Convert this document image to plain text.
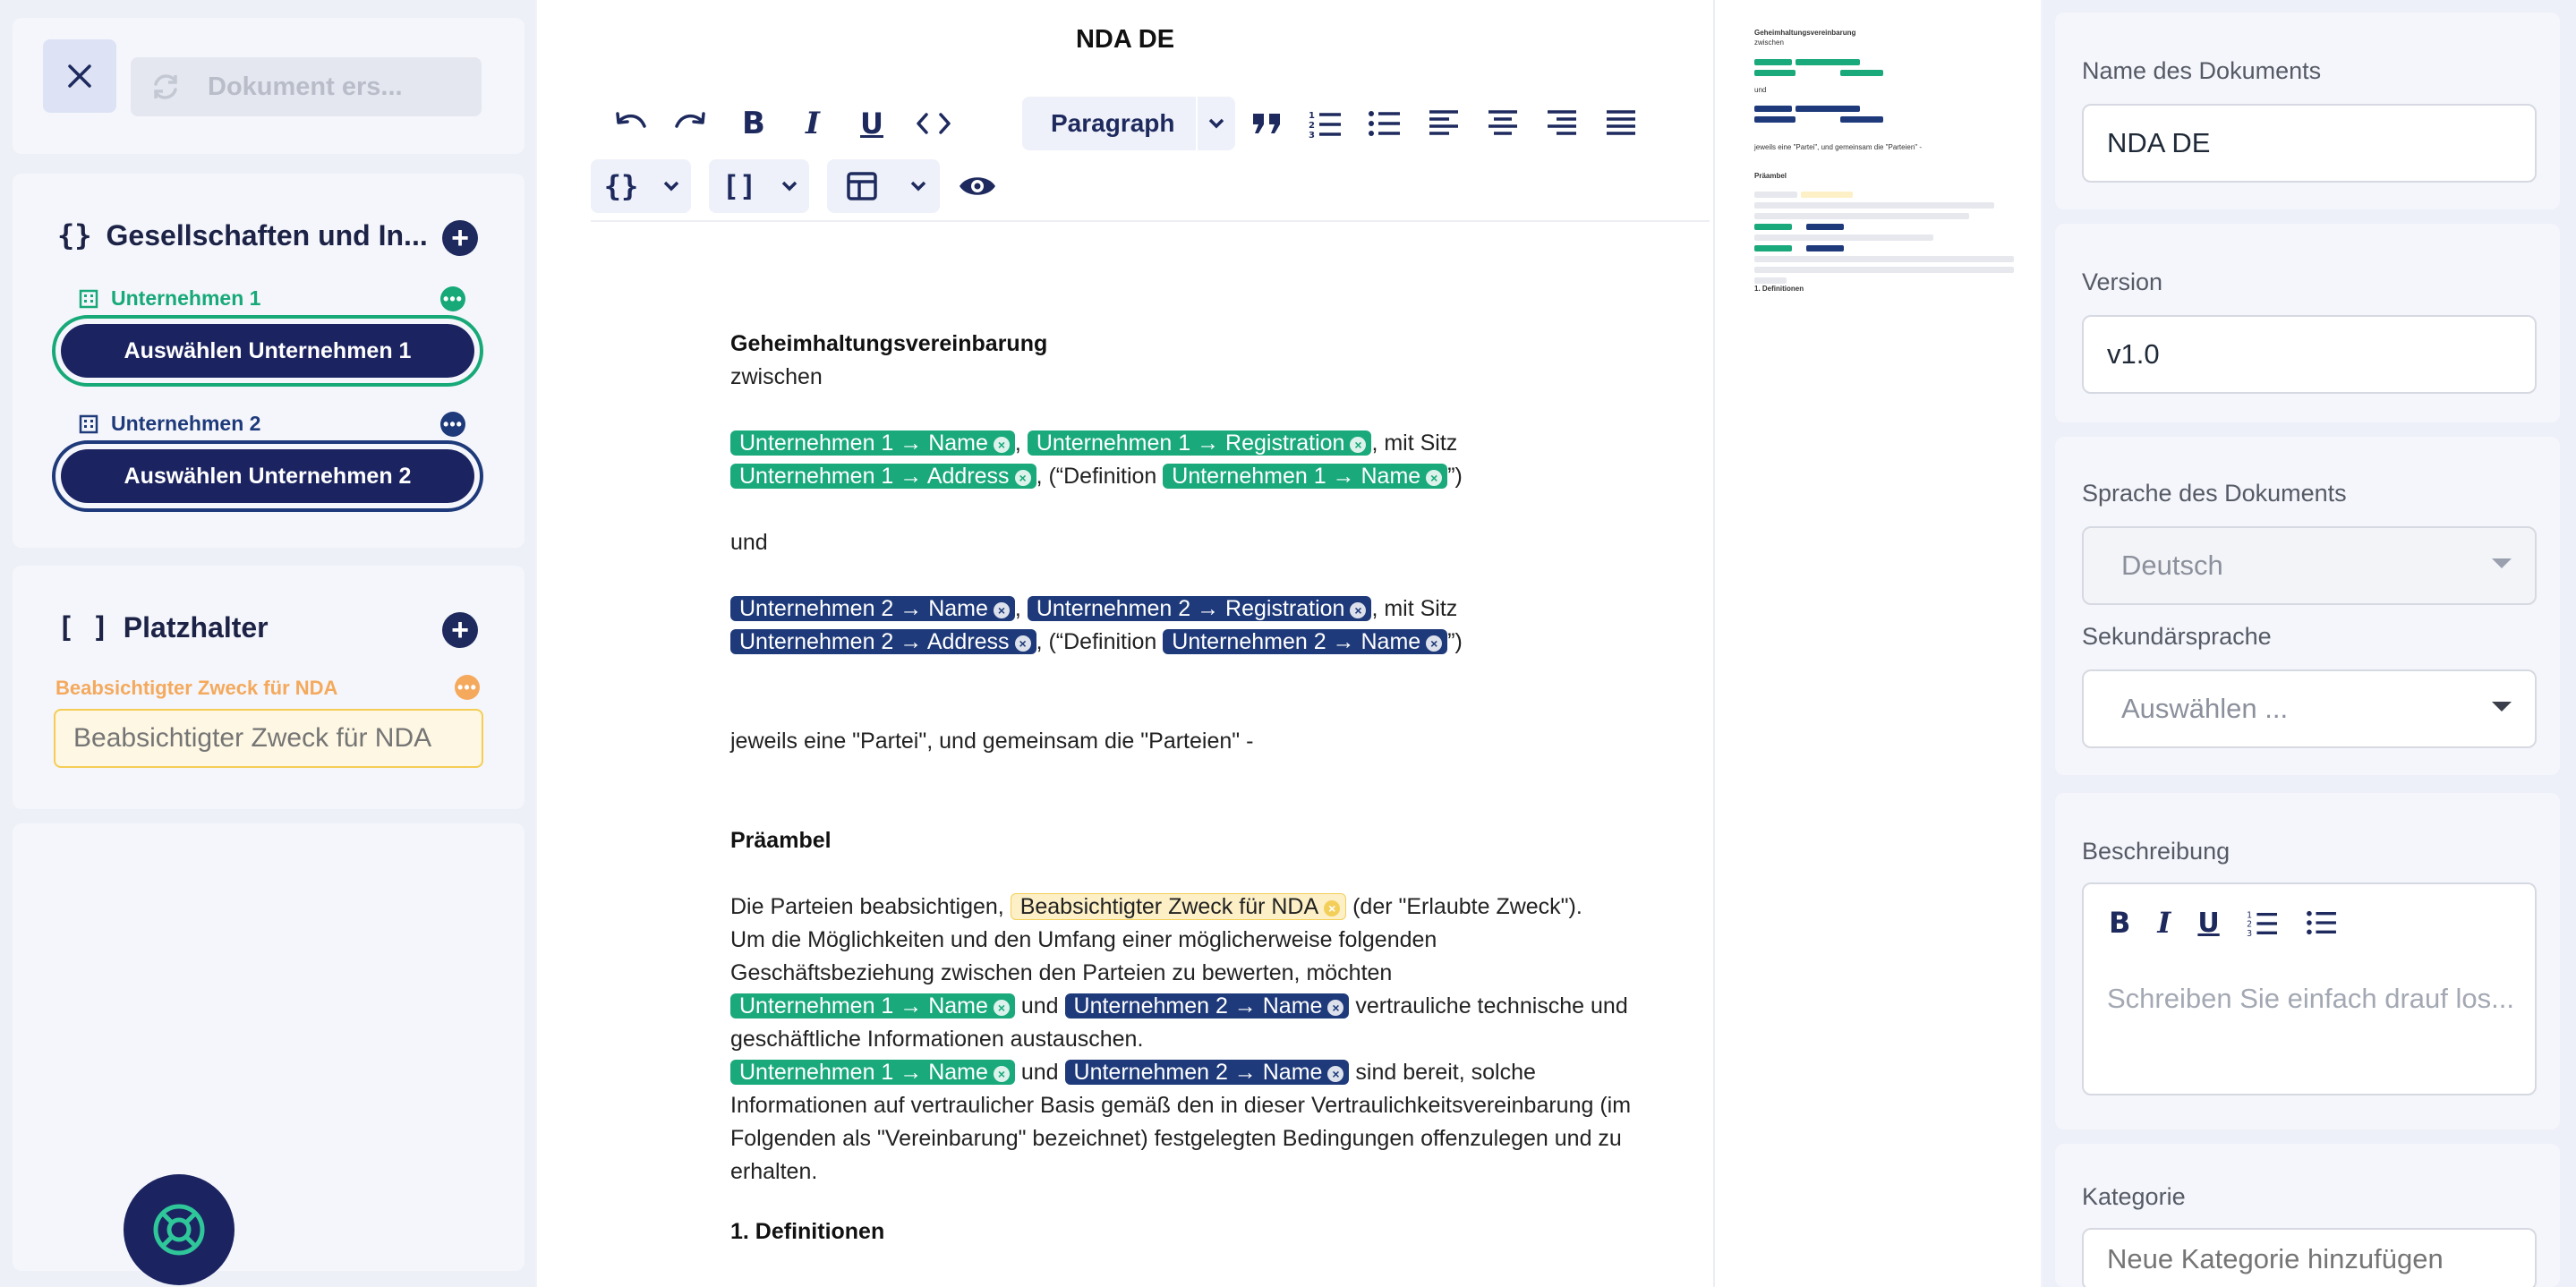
Dokument ers...
{} Gesellschaften und In... +
Unternehmen 1	•••
Auswählen Unternehmen 1
Unternehmen 2	•••
Auswählen Unternehmen 2
[ ] Platzhalter	+
Beabsichtigter Zweck für NDA	•••
Beabsichtigter Zweck für NDA
NDA DE
B I U	Paragraph	1
2
3
{}	[]
Geheimhaltungsvereinbarung
zwischen
Unternehmen 1 → Name × , Unternehmen 1 → Registration × , mit Sitz
Unternehmen 1 → Address × , (“Definition Unternehmen 1 → Name × ”)
und
Unternehmen 2 → Name × , Unternehmen 2 → Registration × , mit Sitz
Unternehmen 2 → Address × , (“Definition Unternehmen 2 → Name × ”)
jeweils eine "Partei", und gemeinsam die "Parteien" -
Präambel
Die Parteien beabsichtigen, Beabsichtigter Zweck für NDA × (der "Erlaubte Zweck").
Um die Möglichkeiten und den Umfang einer möglicherweise folgenden
Geschäftsbeziehung zwischen den Parteien zu bewerten, möchten
Unternehmen 1 → Name × und Unternehmen 2 → Name × vertrauliche technische und
geschäftliche Informationen austauschen.
Unternehmen 1 → Name × und Unternehmen 2 → Name × sind bereit, solche
Informationen auf vertraulicher Basis gemäß den in dieser Vertraulichkeitsvereinbarung (im
Folgenden als "Vereinbarung" bezeichnet) festgelegten Bedingungen offenzulegen und zu
erhalten.
1. Definitionen
Geheimhaltungsvereinbarung
zwischen
und
jeweils eine "Partei", und gemeinsam die "Parteien" -
Präambel
1. Definitionen
Name des Dokuments
NDA DE
Version
v1.0
Sprache des Dokuments
Deutsch
Sekundärsprache
Auswählen ...
Beschreibung
B I U	1
2
3
Schreiben Sie einfach drauf los...
Kategorie
Neue Kategorie hinzufügen
